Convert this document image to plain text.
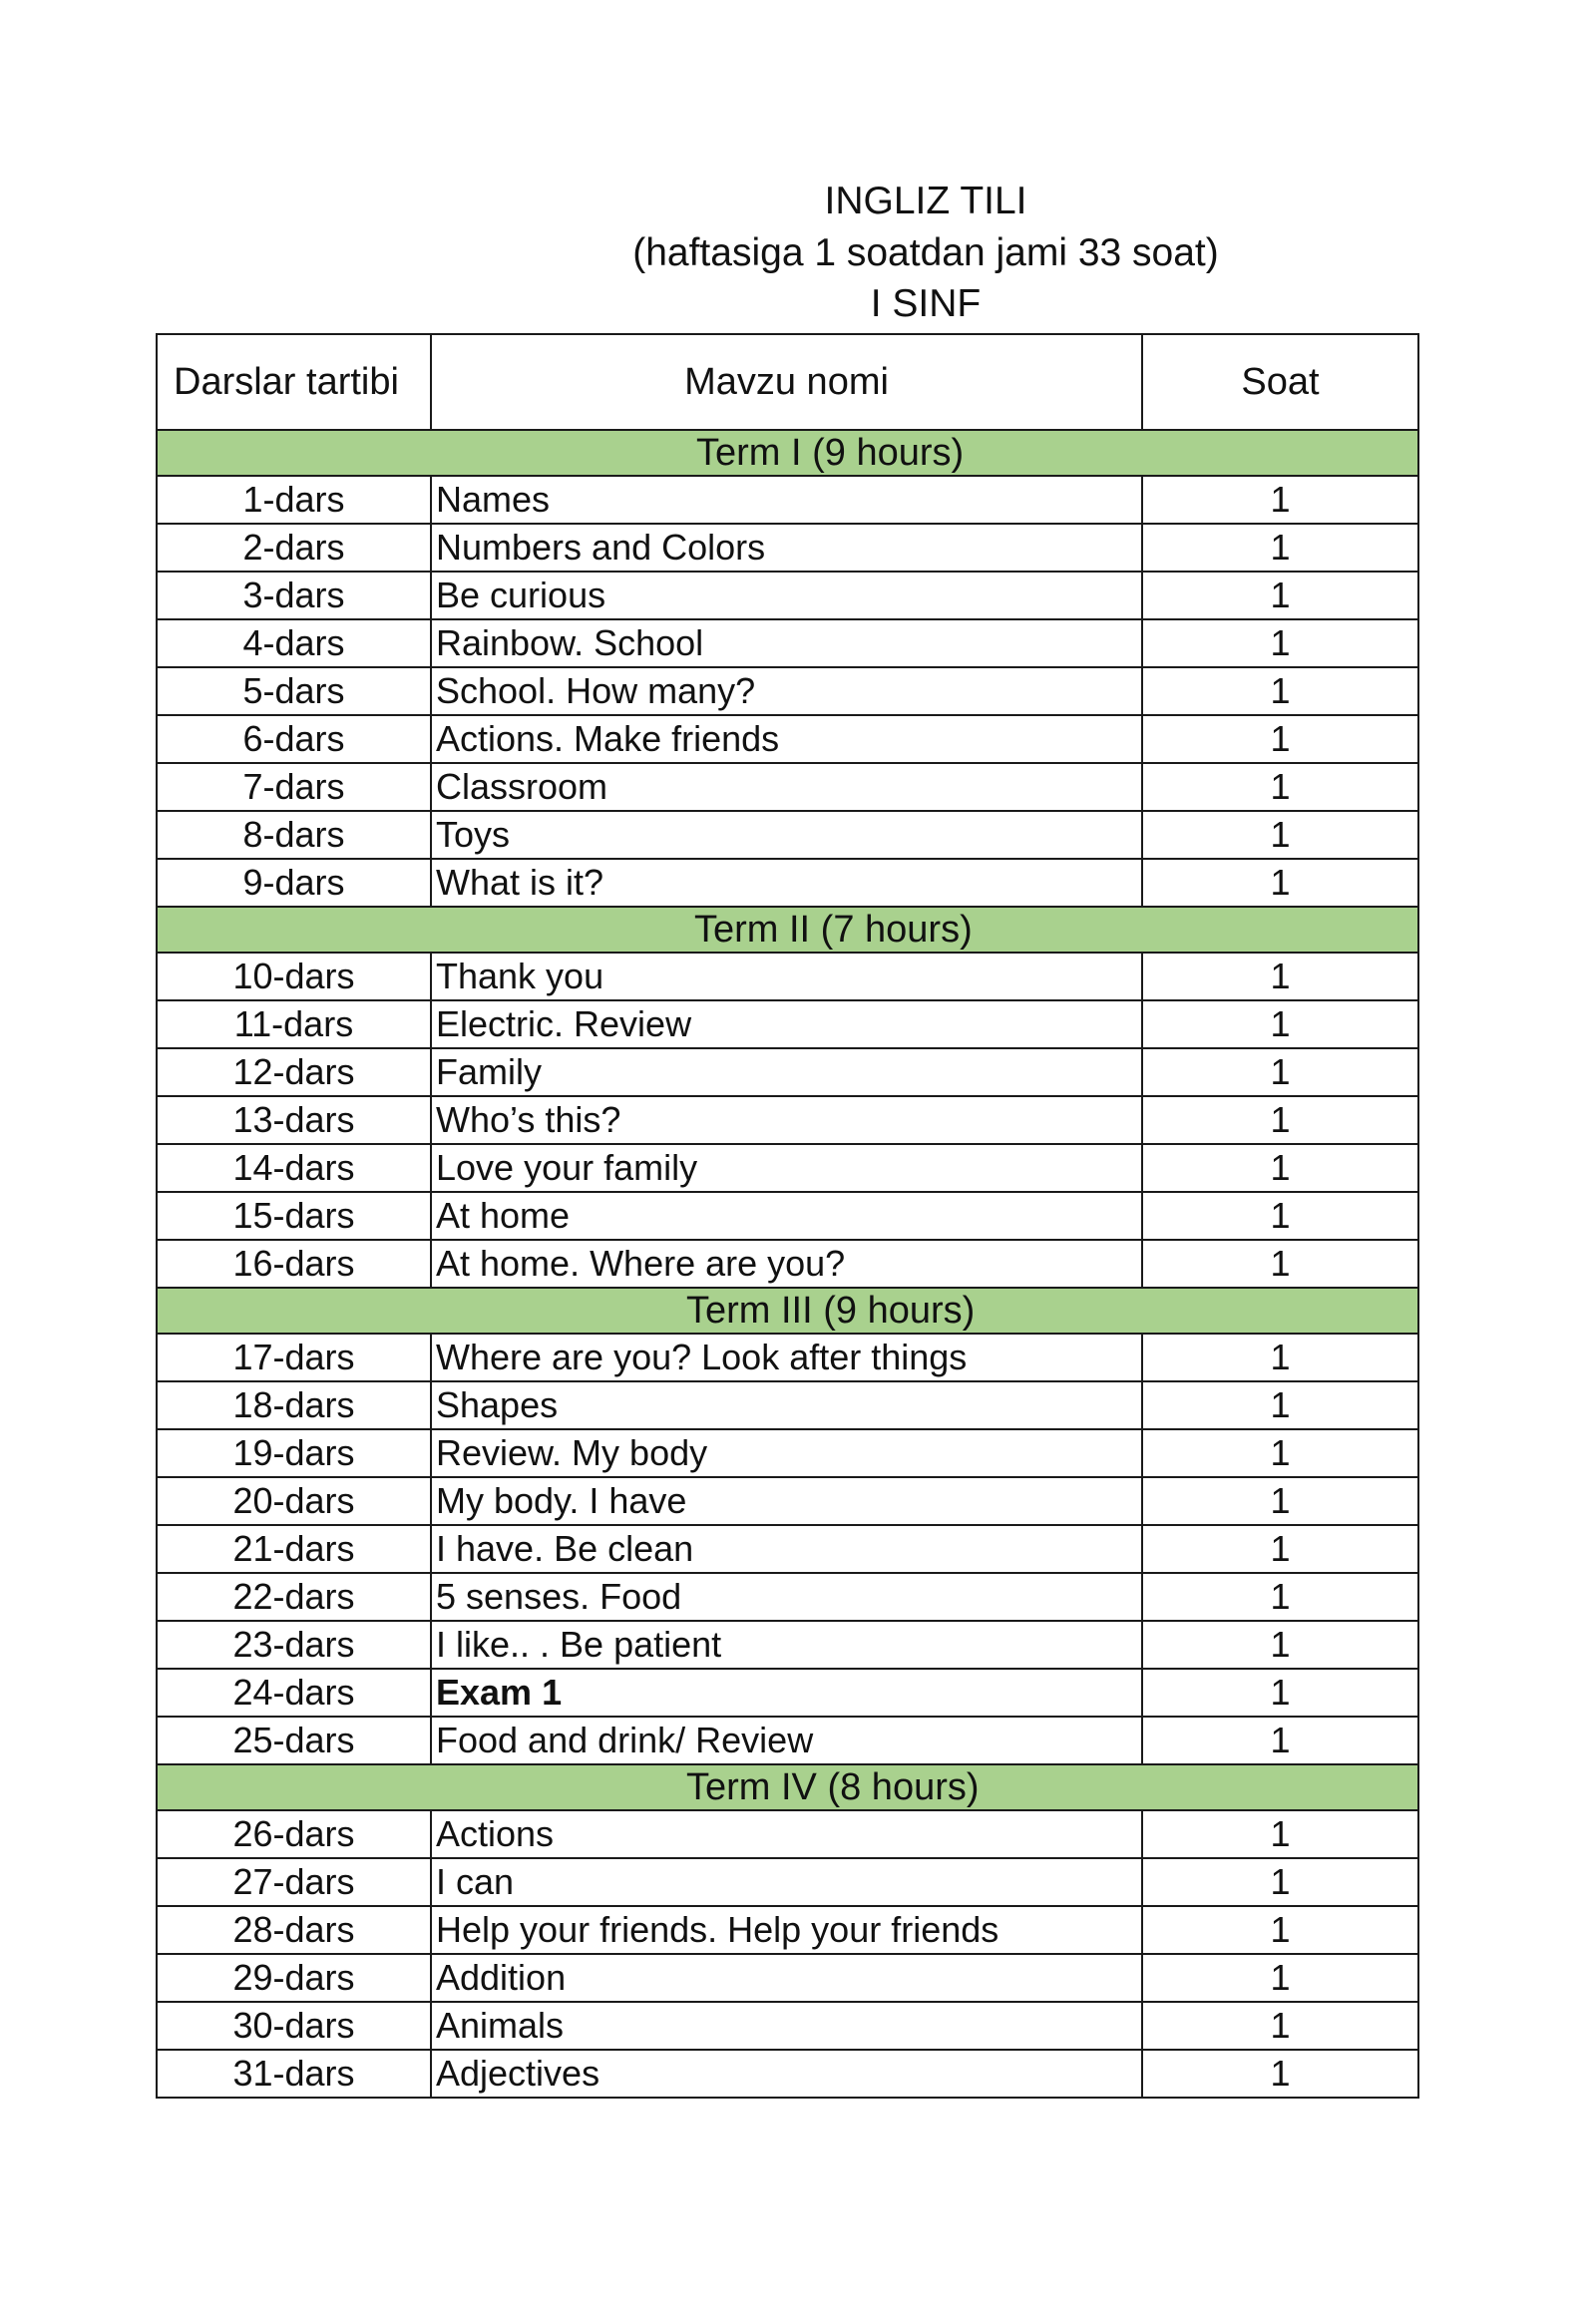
INGLIZ TILI
(haftasiga 1 soatdan jami 33 soat)
I SINF
Darslar tartibi	Mavzu nomi	Soat
Term I (9 hours)		
1-dars	Names	1
2-dars	Numbers and Colors	1
3-dars	Be curious	1
4-dars	Rainbow. School	1
5-dars	School. How many?	1
6-dars	Actions. Make friends	1
7-dars	Classroom	1
8-dars	Toys	1
9-dars	What is it?	1
Term II (7 hours)		
10-dars	Thank you	1
11-dars	Electric. Review	1
12-dars	Family	1
13-dars	Who’s this?	1
14-dars	Love your family	1
15-dars	At home	1
16-dars	At home. Where are you?	1
Term III (9 hours)		
17-dars	Where are you? Look after things	1
18-dars	Shapes	1
19-dars	Review. My body	1
20-dars	My body. I have	1
21-dars	I have. Be clean	1
22-dars	5 senses. Food	1
23-dars	I like.. . Be patient	1
24-dars	Exam 1	1
25-dars	Food and drink/ Review	1
Term IV (8 hours)		
26-dars	Actions	1
27-dars	I can	1
28-dars	Help your friends. Help your friends	1
29-dars	Addition	1
30-dars	Animals	1
31-dars	Adjectives	1
